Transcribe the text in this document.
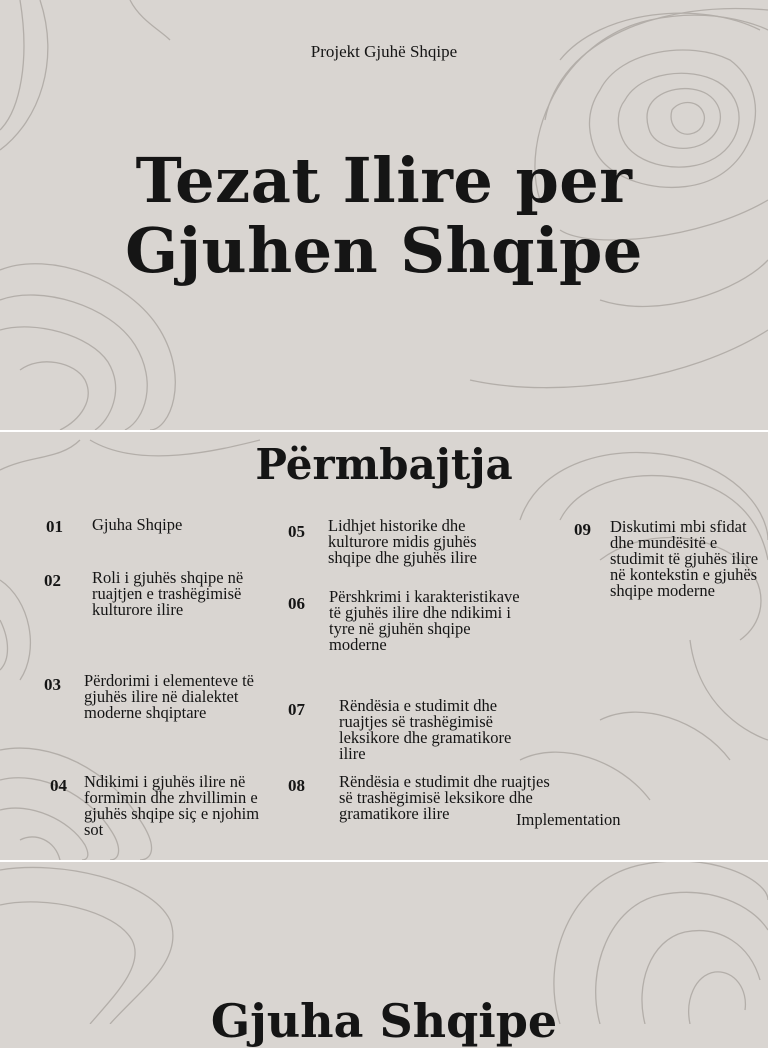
Projekt Gjuhë Shqipe
Tezat Ilire per
Gjuhen Shqipe
Përmbajtja
01 Gjuha Shqipe
02 Roli i gjuhës shqipe në ruajtjen e trashëgimisë kulturore ilire
03 Përdorimi i elementeve të gjuhës ilire në dialektet moderne shqiptare
04 Ndikimi i gjuhës ilire në formimin dhe zhvillimin e gjuhës shqipe siç e njohim sot
05 Lidhjet historike dhe kulturore midis gjuhës shqipe dhe gjuhës ilire
06 Përshkrimi i karakteristikave të gjuhës ilire dhe ndikimi i tyre në gjuhën shqipe moderne
07 Rëndësia e studimit dhe ruajtjes së trashëgimisë leksikore dhe gramatikore ilire
08 Rëndësia e studimit dhe ruajtjes së trashëgimisë leksikore dhe gramatikore ilire
09 Diskutimi mbi sfidat dhe mundësitë e studimit të gjuhës ilire në kontekstin e gjuhës shqipe moderne
Implementation
Gjuha Shqipe
